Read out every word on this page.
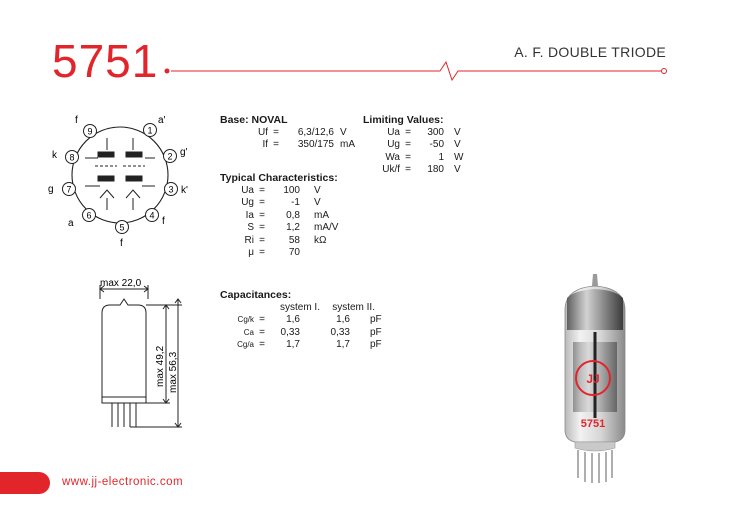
5751	A. F. DOUBLE TRIODE
1
2
3
4
5
6
7
8
9
a'
g'
k'
f
f
a
g
k
f
max 22,0
max 49,2 max 56,3
Base: NOVAL
Uf =	6,3/12,6 V
If =	350/175 mA
Limiting Values:
Ua =	300	V
Ug =	-50	V
Wa =	1	W
Uk/f =	180	V
Typical Characteristics:
Ua =	100	V
Ug =	-1	V
Ia =	0,8	mA
S =	1,2	mA/V
Ri =	58	kΩ
μ =	70
Capacitances:
system I.	system II.
Cg/k =	1,6	1,6	pF
Ca =	0,33	0,33	pF
Cg/a =	1,7	1,7	pF
JJ
5751
www.jj-electronic.com
